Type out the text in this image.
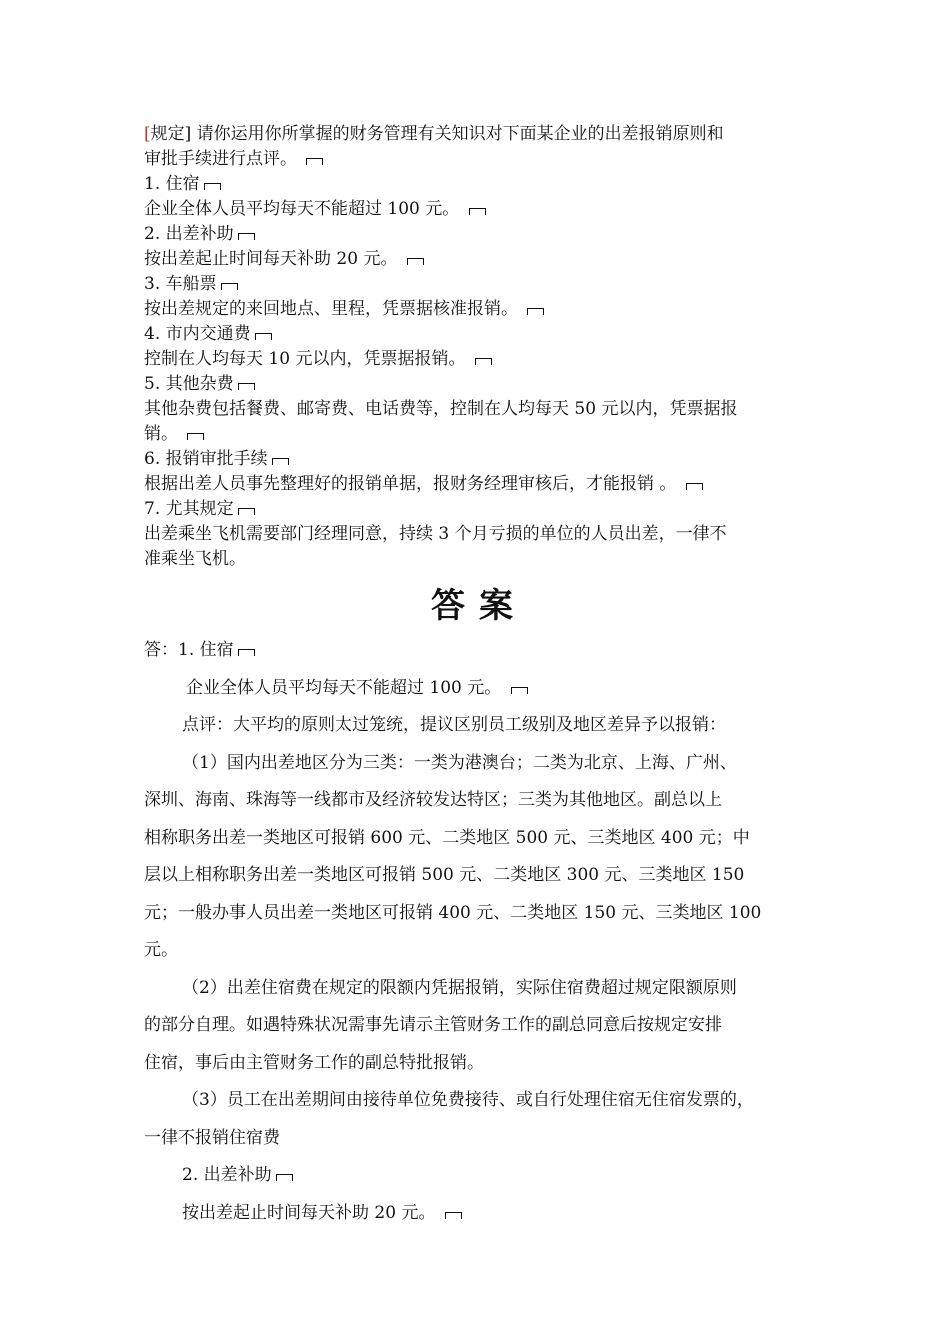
[规定] 请你运用你所掌握的财务管理有关知识对下面某企业的出差报销原则和
审批手续进行点评。
1. 住宿
企业全体人员平均每天不能超过 100 元。
2. 出差补助
按出差起止时间每天补助 20 元。
3. 车船票
按出差规定的来回地点、里程，凭票据核准报销。
4. 市内交通费
控制在人均每天 10 元以内，凭票据报销。
5. 其他杂费
其他杂费包括餐费、邮寄费、电话费等，控制在人均每天 50 元以内，凭票据报
销。
6. 报销审批手续
根据出差人员事先整理好的报销单据，报财务经理审核后，才能报销 。
7. 尤其规定
出差乘坐飞机需要部门经理同意，持续 3 个月亏损的单位的人员出差，一律不
准乘坐飞机。
答案
答：1. 住宿
企业全体人员平均每天不能超过 100 元。
点评：大平均的原则太过笼统，提议区别员工级别及地区差异予以报销：
（1）国内出差地区分为三类：一类为港澳台；二类为北京、上海、广州、
深圳、海南、珠海等一线都市及经济较发达特区；三类为其他地区。副总以上
相称职务出差一类地区可报销 600 元、二类地区 500 元、三类地区 400 元；中
层以上相称职务出差一类地区可报销 500 元、二类地区 300 元、三类地区 150
元；一般办事人员出差一类地区可报销 400 元、二类地区 150 元、三类地区 100
元。
（2）出差住宿费在规定的限额内凭据报销，实际住宿费超过规定限额原则
的部分自理。如遇特殊状况需事先请示主管财务工作的副总同意后按规定安排
住宿，事后由主管财务工作的副总特批报销。
（3）员工在出差期间由接待单位免费接待、或自行处理住宿无住宿发票的，
一律不报销住宿费
2. 出差补助
按出差起止时间每天补助 20 元。
